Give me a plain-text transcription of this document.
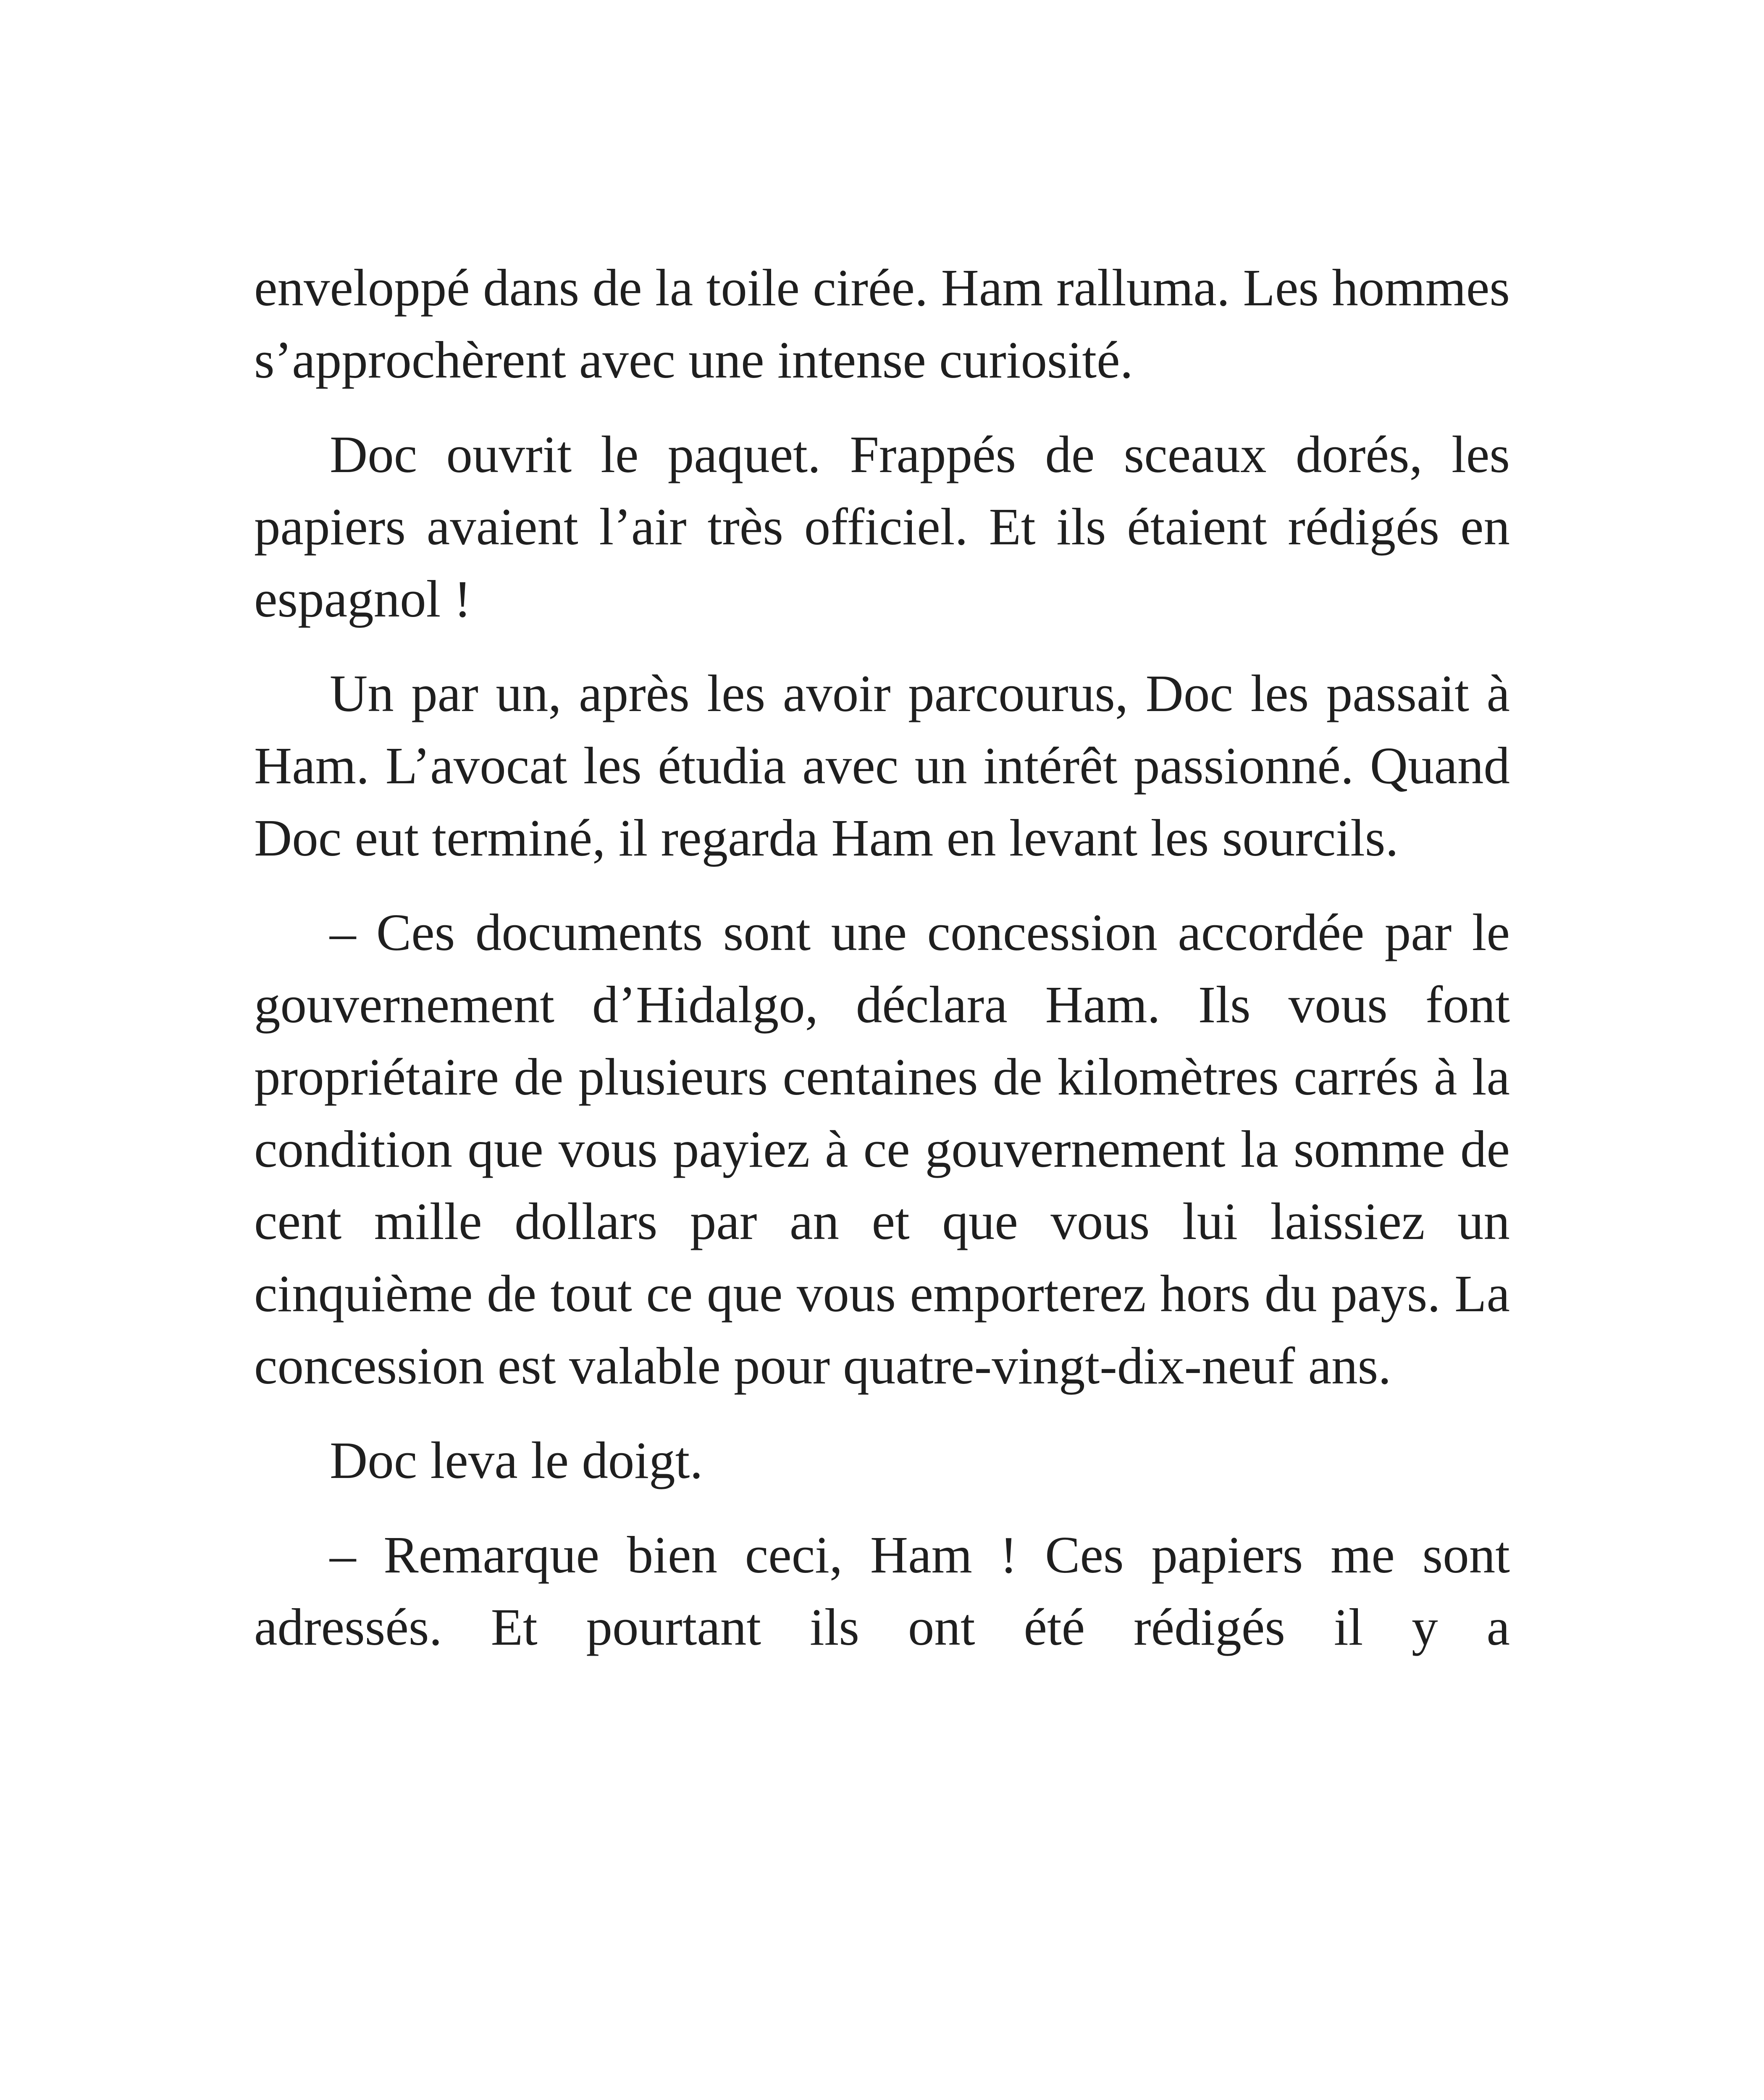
enveloppé dans de la toile cirée. Ham ralluma. Les hommes s’approchèrent avec une intense curiosité.

Doc ouvrit le paquet. Frappés de sceaux dorés, les papiers avaient l’air très officiel. Et ils étaient rédigés en espagnol !

Un par un, après les avoir parcourus, Doc les passait à Ham. L’avocat les étudia avec un intérêt passionné. Quand Doc eut terminé, il regarda Ham en levant les sourcils.

– Ces documents sont une concession accordée par le gouvernement d’Hidalgo, déclara Ham. Ils vous font propriétaire de plusieurs centaines de kilomètres carrés à la condition que vous payiez à ce gouvernement la somme de cent mille dollars par an et que vous lui laissiez un cinquième de tout ce que vous emporterez hors du pays. La concession est valable pour quatre-vingt-dix-neuf ans.

Doc leva le doigt.

– Remarque bien ceci, Ham ! Ces papiers me sont adressés. Et pourtant ils ont été rédigés il y a
